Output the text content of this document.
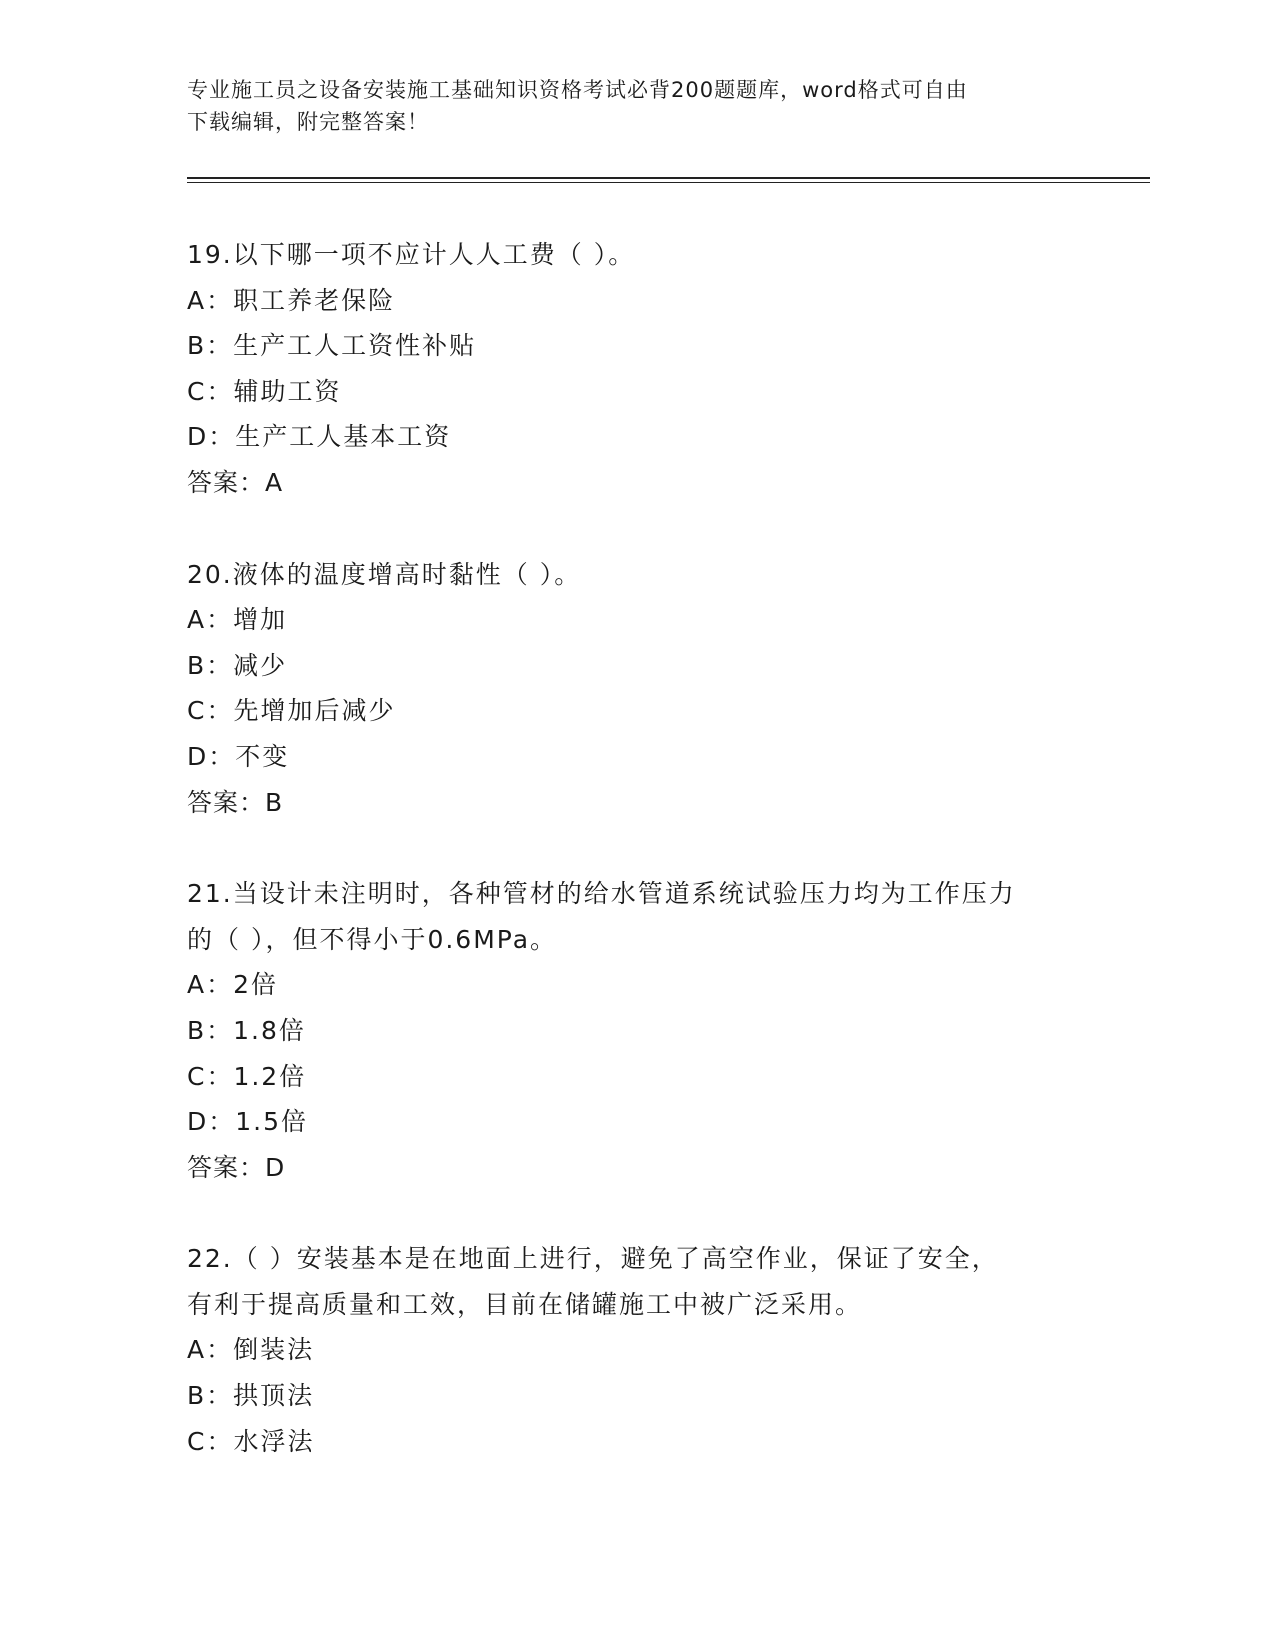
专业施工员之设备安装施工基础知识资格考试必背200题题库，word格式可自由
下载编辑，附完整答案！
19.以下哪一项不应计人人工费（ ）。
A：职工养老保险
B：生产工人工资性补贴
C：辅助工资
D：生产工人基本工资
答案：A
20.液体的温度增高时黏性（ ）。
A：增加
B：减少
C：先增加后减少
D：不变
答案：B
21.当设计未注明时，各种管材的给水管道系统试验压力均为工作压力
的（ ），但不得小于0.6MPa。
A：2倍
B：1.8倍
C：1.2倍
D：1.5倍
答案：D
22.（ ）安装基本是在地面上进行，避免了高空作业，保证了安全，
有利于提高质量和工效，目前在储罐施工中被广泛采用。
A：倒装法
B：拱顶法
C：水浮法
